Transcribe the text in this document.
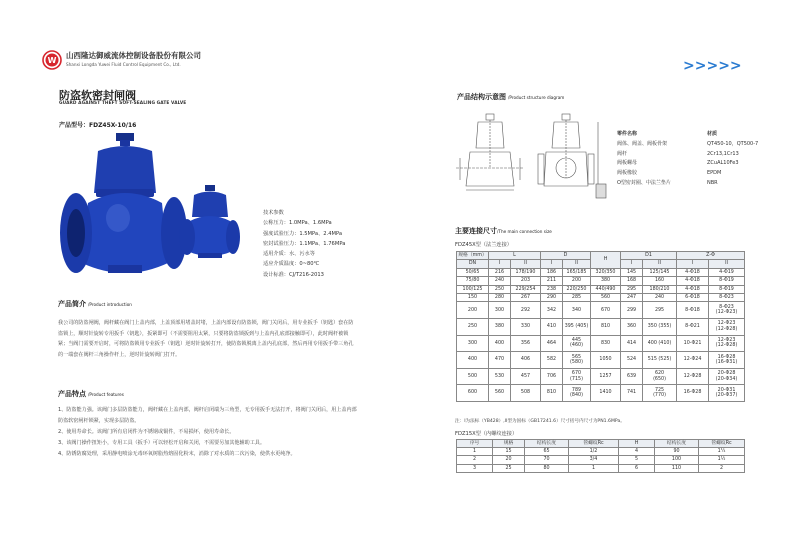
W
山西隆达御威流体控制设备股份有限公司
Shanxi Longda Yuwei Fluid Control Equipment Co., Ltd.	>>>>>
防盗软密封闸阀
GUARD AGAINST THEFT SOFT-SEALING GATE VALVE
产品型号：FDZ45X-10/16
技术参数
公称压力：1.0MPa、1.6MPa
强度试验压力：1.5MPa、2.4MPa
密封试验压力：1.1MPa、1.76MPa
适用介质：水、污水等
适应介质温度：0~80℃
设计标准：CJ/T216-2013
产品简介 /Product introduction
我公司的防盗闸阀，阀杆藏在阀门上盖内部，上盖顶部用堵盖封堵，上盖内部设有防盗锁，阀门关闭后，用专业扳手（钥匙）套在防盗锁上，顺时针旋转专用扳手（钥匙），扳紧即可（不需要阻用太紧，只要将防盗锁扳到与上盖内孔底部接触即可），此时阀杆被锁紧；当阀门需要开启时，可将防盗锁用专业扳手（钥匙）逆时针旋转打开，使防盗锁脱离上盖内孔底部，然后再用专用扳手带三角孔的一端套在阀杆三角操作杆上，逆时针旋转阀门打开。
产品特点 /Product features
1、防盗能力强。该阀门多层防盗能力，阀杆藏在上盖内部，阀杆启闭端为三角型，无专用扳手无法打开，将阀门关闭后，用上盖内部防盗软密闸杆锁紧，实现多层防盗。
2、使用寿命长。该阀门所有启闭件为不锈钢或铜件，不易损坏，使用寿命长。
3、该阀门操作扭矩小，专用工具（扳手）可以轻松开启和关闭，不需要另加其他辅助工具。
4、防锈防腐处理，采用静电喷涂无毒环氧树脂热熔固化粉末，消除了对水质的二次污染，使供水更纯净。
产品结构示意图 /Product structure diagram
零件名称	材质
阀体、阀盖、阀板骨架	QT450-10，QT500-7
阀杆	2Cr13,1Cr13
阀板螺母	ZCuAL10Fe3
阀板橡胶	EPDM
O型密封圈、中法兰垫片	NBR
主要连接尺寸/The main connection size
FDZ45X型（法兰连接）
规格（mm）	L		D		H	D1		Z-Φ	
DN	I	II	I	II		I	II	I	II
50/65	216	178/190	186	165/185	320/350	145	125/145	4-Φ18	4-Φ19
75/80	240	203	211	200	380	168	160	4-Φ18	8-Φ19
100/125	250	229/254	238	220/250	440/490	295	180/210	4-Φ18	8-Φ19
150	280	267	290	285	560	247	240	6-Φ18	8-Φ23
200	300	292	342	340	670	299	295	8-Φ18	8-Φ23
(12-Φ23)
250	380	330	410	395 (405)	810	360	350 (355)	8-Φ21	12-Φ23
(12-Φ28)
300	400	356	464	445
(460)	830	414	400 (410)	10-Φ21	12-Φ23
(12-Φ28)
400	470	406	582	565
(580)	1050	524	515 (525)	12-Φ24	16-Φ28
(16-Φ31)
500	530	457	706	670
(715)	1257	639	620
(650)	12-Φ28	20-Φ28
(20-Φ34)
600	560	508	810	789
(840)	1410	741	725
(770)	16-Φ28	20-Φ31
(20-Φ37)
注：I为法标（YB428）,II型为国标（GB17241.6）尺寸括号内尺寸为PN1.6MPa。
FDZ15X型（内螺纹连接）
序号	规格	结构长度	管螺纹Rc	H	结构长度	管螺纹Rc
1	15	65	1/2	4	90	1¼
2	20	70	3/4	5	100	1½
3	25	80	1	6	110	2
